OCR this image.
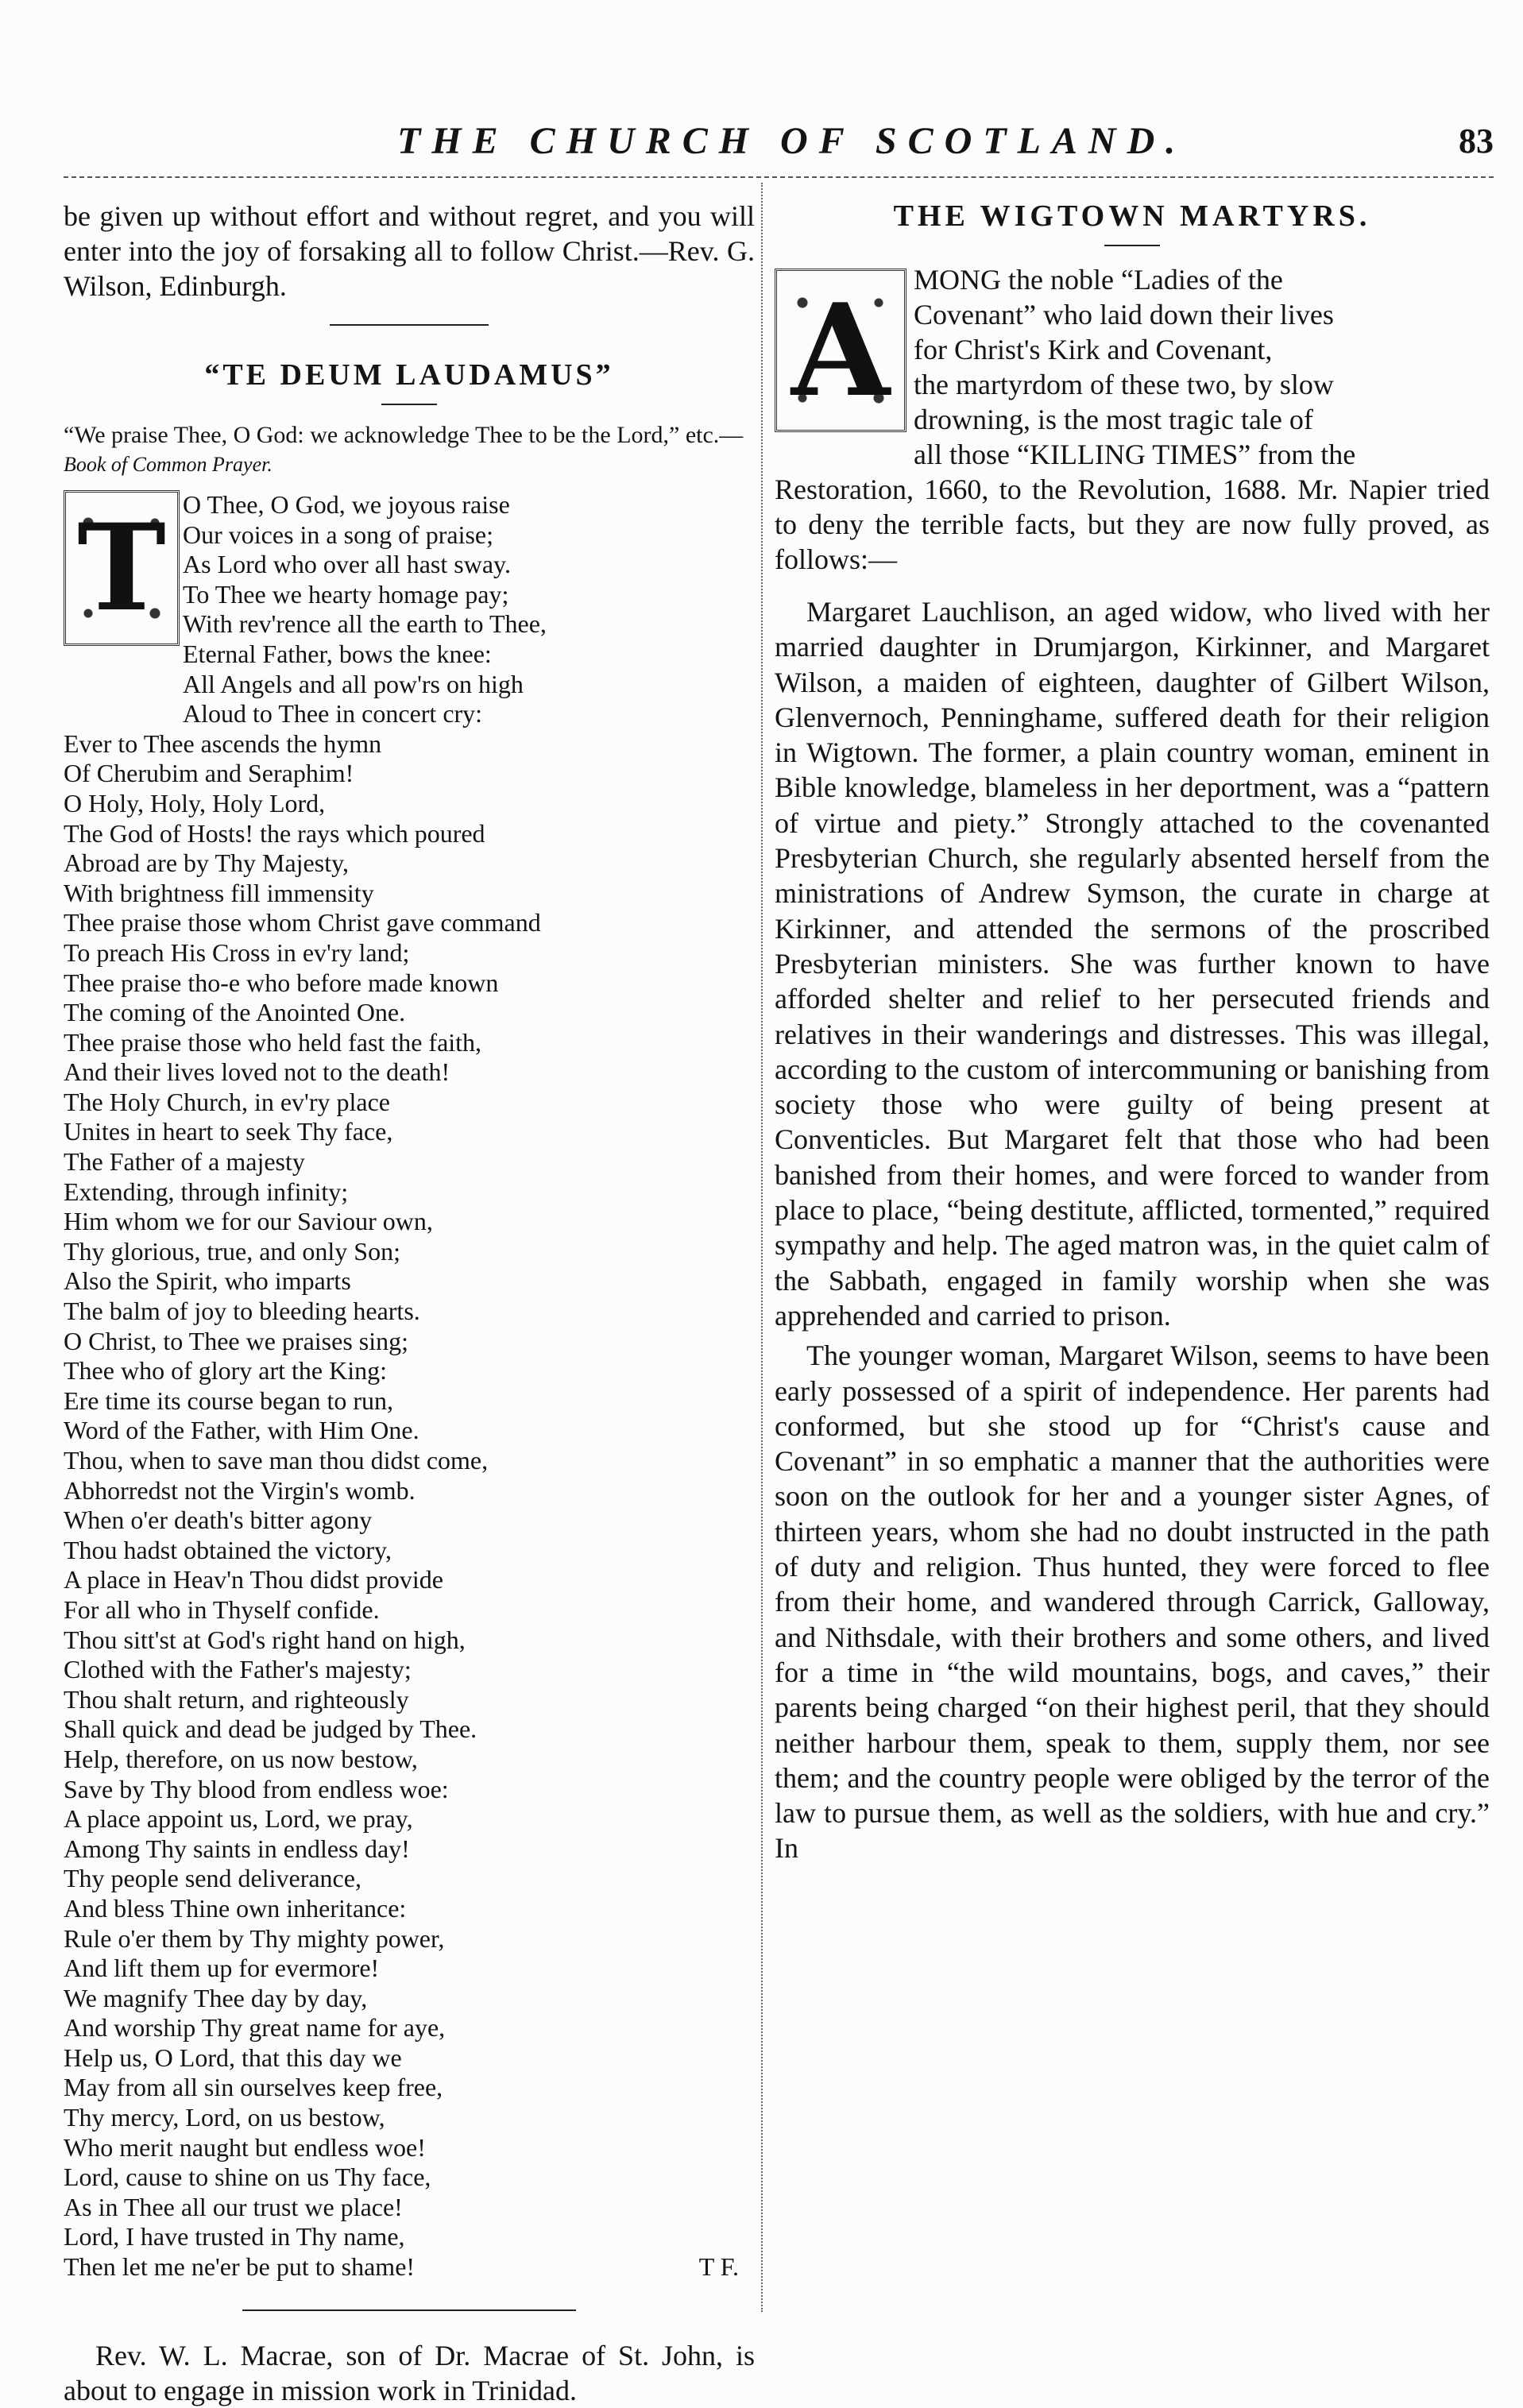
THE CHURCH OF SCOTLAND.	83

be given up without effort and without regret, and you will enter into the joy of forsaking all to follow Christ.—Rev. G. Wilson, Edinburgh.

“TE DEUM LAUDAMUS”

“We praise Thee, O God: we acknowledge Thee to be the Lord,” etc.—Book of Common Prayer.

T O Thee, O God, we joyous raise
Our voices in a song of praise;
As Lord who over all hast sway.
To Thee we hearty homage pay;
With rev'rence all the earth to Thee,
Eternal Father, bows the knee:
All Angels and all pow'rs on high
Aloud to Thee in concert cry:
Ever to Thee ascends the hymn
Of Cherubim and Seraphim!
O Holy, Holy, Holy Lord,
The God of Hosts! the rays which poured
Abroad are by Thy Majesty,
With brightness fill immensity
Thee praise those whom Christ gave command
To preach His Cross in ev'ry land;
Thee praise tho-e who before made known
The coming of the Anointed One.
Thee praise those who held fast the faith,
And their lives loved not to the death!
The Holy Church, in ev'ry place
Unites in heart to seek Thy face,
The Father of a majesty
Extending, through infinity;
Him whom we for our Saviour own,
Thy glorious, true, and only Son;
Also the Spirit, who imparts
The balm of joy to bleeding hearts.
O Christ, to Thee we praises sing;
Thee who of glory art the King:
Ere time its course began to run,
Word of the Father, with Him One.
Thou, when to save man thou didst come,
Abhorredst not the Virgin's womb.
When o'er death's bitter agony
Thou hadst obtained the victory,
A place in Heav'n Thou didst provide
For all who in Thyself confide.
Thou sitt'st at God's right hand on high,
Clothed with the Father's majesty;
Thou shalt return, and righteously
Shall quick and dead be judged by Thee.
Help, therefore, on us now bestow,
Save by Thy blood from endless woe:
A place appoint us, Lord, we pray,
Among Thy saints in endless day!
Thy people send deliverance,
And bless Thine own inheritance:
Rule o'er them by Thy mighty power,
And lift them up for evermore!
We magnify Thee day by day,
And worship Thy great name for aye,
Help us, O Lord, that this day we
May from all sin ourselves keep free,
Thy mercy, Lord, on us bestow,
Who merit naught but endless woe!
Lord, cause to shine on us Thy face,
As in Thee all our trust we place!
Lord, I have trusted in Thy name,
Then let me ne'er be put to shame!	T F.

Rev. W. L. Macrae, son of Dr. Macrae of St. John, is about to engage in mission work in Trinidad.

THE WIGTOWN MARTYRS.
A MONG the noble “Ladies of the
Covenant” who laid down their lives
for Christ's Kirk and Covenant,
the martyrdom of these two, by slow
drowning, is the most tragic tale of
all those “KILLING TIMES” from the

Restoration, 1660, to the Revolution, 1688. Mr. Napier tried to deny the terrible facts, but they are now fully proved, as follows:—

Margaret Lauchlison, an aged widow, who lived with her married daughter in Drumjargon, Kirkinner, and Margaret Wilson, a maiden of eighteen, daughter of Gilbert Wilson, Glenvernoch, Penninghame, suffered death for their religion in Wigtown. The former, a plain country woman, eminent in Bible knowledge, blameless in her deportment, was a “pattern of virtue and piety.” Strongly attached to the covenanted Presbyterian Church, she regularly absented herself from the ministrations of Andrew Symson, the curate in charge at Kirkinner, and attended the sermons of the proscribed Presbyterian ministers. She was further known to have afforded shelter and relief to her persecuted friends and relatives in their wanderings and distresses. This was illegal, according to the custom of intercommuning or banishing from society those who were guilty of being present at Conventicles. But Margaret felt that those who had been banished from their homes, and were forced to wander from place to place, “being destitute, afflicted, tormented,” required sympathy and help. The aged matron was, in the quiet calm of the Sabbath, engaged in family worship when she was apprehended and carried to prison.

The younger woman, Margaret Wilson, seems to have been early possessed of a spirit of independence. Her parents had conformed, but she stood up for “Christ's cause and Covenant” in so emphatic a manner that the authorities were soon on the outlook for her and a younger sister Agnes, of thirteen years, whom she had no doubt instructed in the path of duty and religion. Thus hunted, they were forced to flee from their home, and wandered through Carrick, Galloway, and Nithsdale, with their brothers and some others, and lived for a time in “the wild mountains, bogs, and caves,” their parents being charged “on their highest peril, that they should neither harbour them, speak to them, supply them, nor see them; and the country people were obliged by the terror of the law to pursue them, as well as the soldiers, with hue and cry.” In
